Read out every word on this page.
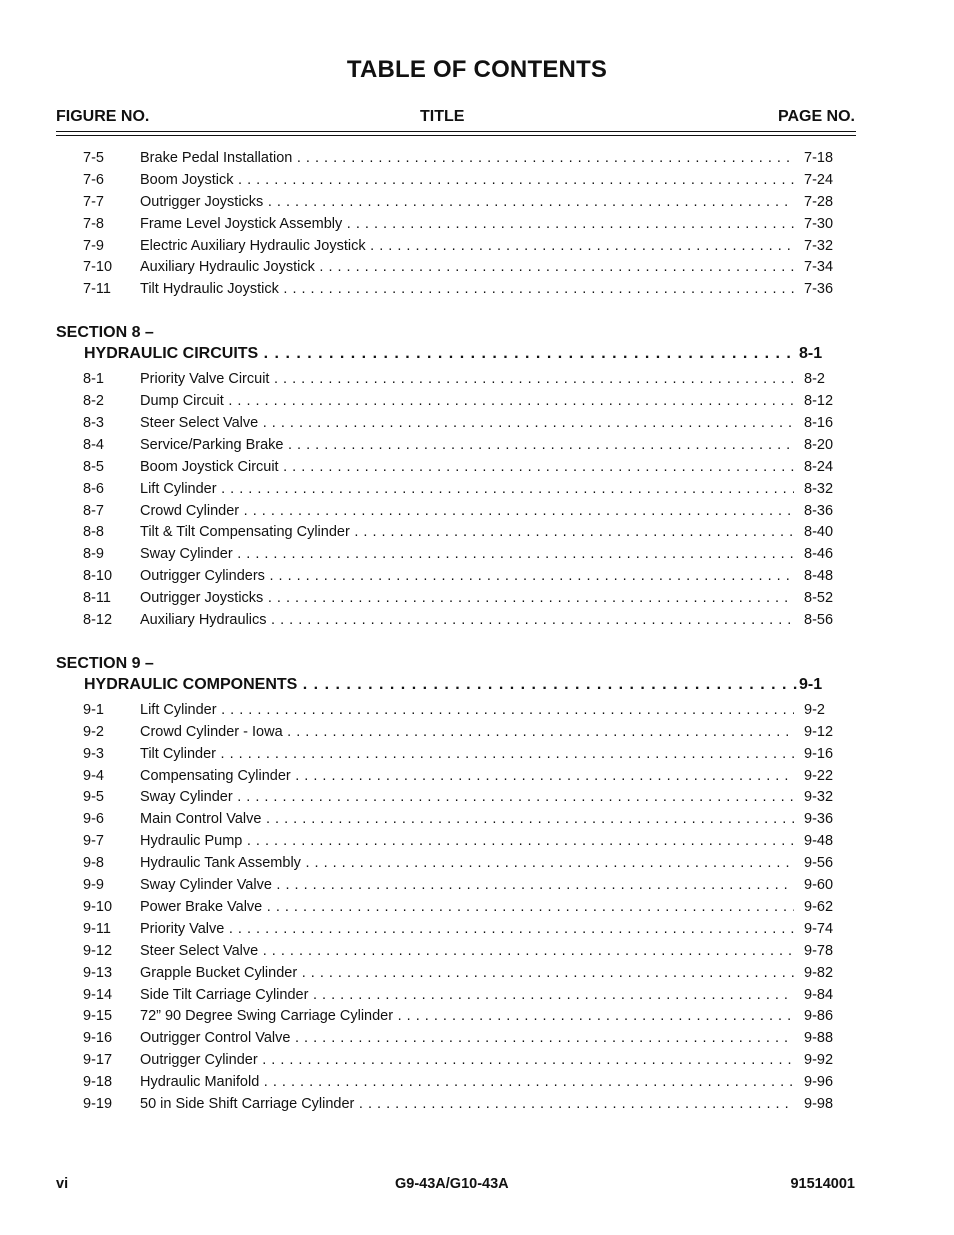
TABLE OF CONTENTS
FIGURE NO.	TITLE	PAGE NO.
7-5 Brake Pedal Installation . . .	7-18
7-6 Boom Joystick . . .	7-24
7-7 Outrigger Joysticks . . .	7-28
7-8 Frame Level Joystick Assembly . . .	7-30
7-9 Electric Auxiliary Hydraulic Joystick . . .	7-32
7-10 Auxiliary Hydraulic Joystick . . .	7-34
7-11 Tilt Hydraulic Joystick . . .	7-36
SECTION 8 –
HYDRAULIC CIRCUITS . . .	8-1
8-1 Priority Valve Circuit . . .	8-2
8-2 Dump Circuit . . .	8-12
8-3 Steer Select Valve . . .	8-16
8-4 Service/Parking Brake . . .	8-20
8-5 Boom Joystick Circuit . . .	8-24
8-6 Lift Cylinder . . .	8-32
8-7 Crowd Cylinder . . .	8-36
8-8 Tilt & Tilt Compensating Cylinder . . .	8-40
8-9 Sway Cylinder . . .	8-46
8-10 Outrigger Cylinders . . .	8-48
8-11 Outrigger Joysticks . . .	8-52
8-12 Auxiliary Hydraulics . . .	8-56
SECTION 9 –
HYDRAULIC COMPONENTS . . .	9-1
9-1 Lift Cylinder . . .	9-2
9-2 Crowd Cylinder - Iowa . . .	9-12
9-3 Tilt Cylinder . . .	9-16
9-4 Compensating Cylinder . . .	9-22
9-5 Sway Cylinder . . .	9-32
9-6 Main Control Valve . . .	9-36
9-7 Hydraulic Pump . . .	9-48
9-8 Hydraulic Tank Assembly . . .	9-56
9-9 Sway Cylinder Valve . . .	9-60
9-10 Power Brake Valve . . .	9-62
9-11 Priority Valve . . .	9-74
9-12 Steer Select Valve . . .	9-78
9-13 Grapple Bucket Cylinder . . .	9-82
9-14 Side Tilt Carriage Cylinder . . .	9-84
9-15 72” 90 Degree Swing Carriage Cylinder . . .	9-86
9-16 Outrigger Control Valve . . .	9-88
9-17 Outrigger Cylinder . . .	9-92
9-18 Hydraulic Manifold . . .	9-96
9-19 50 in Side Shift Carriage Cylinder . . .	9-98
vi	G9-43A/G10-43A	91514001
